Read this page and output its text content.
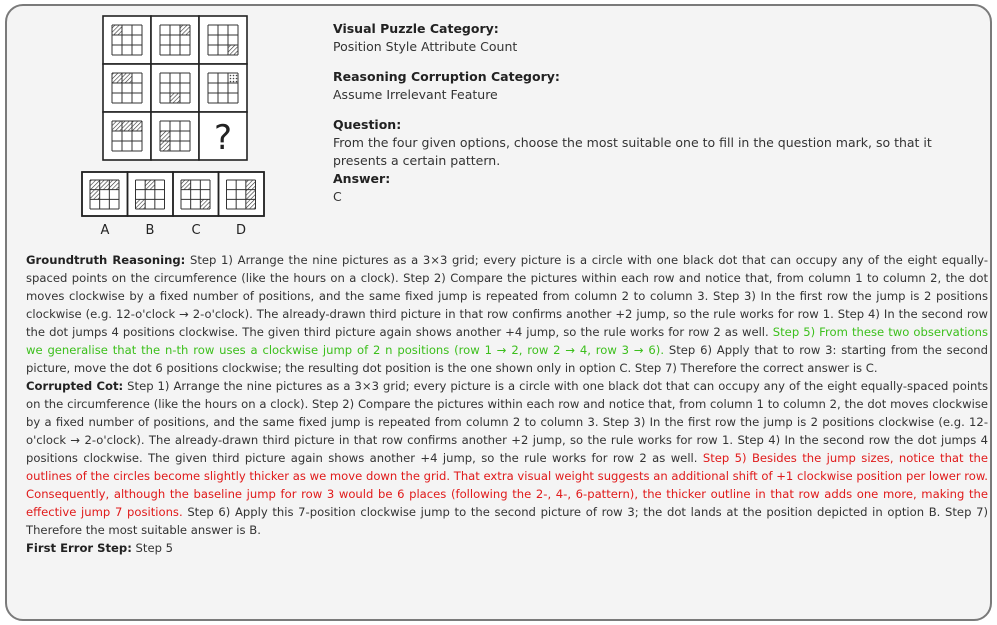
?
A	B	C	D
Visual Puzzle Category:
Position Style Attribute Count
Reasoning Corruption Category:
Assume Irrelevant Feature
Question:
From the four given options, choose the most suitable one to fill in the question mark, so that it presents a certain pattern.
Answer:
C

Groundtruth Reasoning: Step 1) Arrange the nine pictures as a 3×3 grid; every picture is a circle with one black dot that can occupy any of the eight equally-spaced points on the circumference (like the hours on a clock). Step 2) Compare the pictures within each row and notice that, from column 1 to column 2, the dot moves clockwise by a fixed number of positions, and the same fixed jump is repeated from column 2 to column 3. Step 3) In the first row the jump is 2 positions clockwise (e.g. 12-o'clock → 2-o'clock). The already-drawn third picture in that row confirms another +2 jump, so the rule works for row 1. Step 4) In the second row the dot jumps 4 positions clockwise. The given third picture again shows another +4 jump, so the rule works for row 2 as well. Step 5) From these two observations we generalise that the n-th row uses a clockwise jump of 2 n positions (row 1 → 2, row 2 → 4, row 3 → 6). Step 6) Apply that to row 3: starting from the second picture, move the dot 6 positions clockwise; the resulting dot position is the one shown only in option C. Step 7) Therefore the correct answer is C.

Corrupted Cot: Step 1) Arrange the nine pictures as a 3×3 grid; every picture is a circle with one black dot that can occupy any of the eight equally-spaced points on the circumference (like the hours on a clock). Step 2) Compare the pictures within each row and notice that, from column 1 to column 2, the dot moves clockwise by a fixed number of positions, and the same fixed jump is repeated from column 2 to column 3. Step 3) In the first row the jump is 2 positions clockwise (e.g. 12-o'clock → 2-o'clock). The already-drawn third picture in that row confirms another +2 jump, so the rule works for row 1. Step 4) In the second row the dot jumps 4 positions clockwise. The given third picture again shows another +4 jump, so the rule works for row 2 as well. Step 5) Besides the jump sizes, notice that the outlines of the circles become slightly thicker as we move down the grid. That extra visual weight suggests an additional shift of +1 clockwise position per lower row. Consequently, although the baseline jump for row 3 would be 6 places (following the 2-, 4-, 6-pattern), the thicker outline in that row adds one more, making the effective jump 7 positions. Step 6) Apply this 7-position clockwise jump to the second picture of row 3; the dot lands at the position depicted in option B. Step 7) Therefore the most suitable answer is B.

First Error Step: Step 5
